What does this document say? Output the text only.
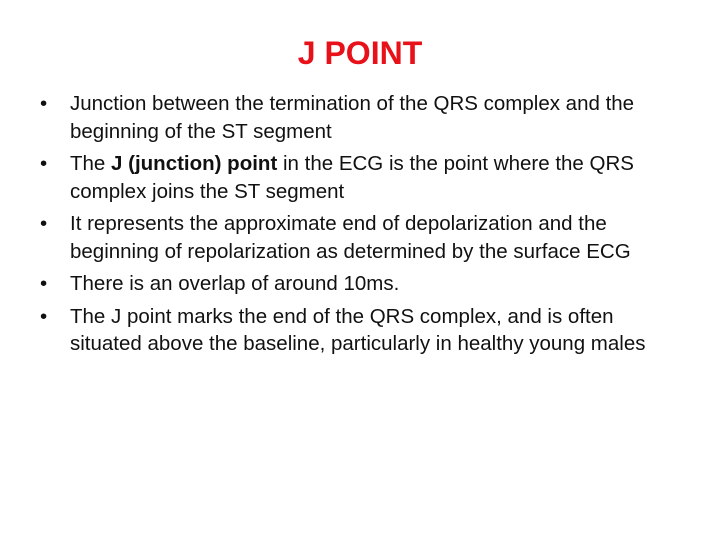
J POINT
•	Junction between the termination of the QRS complex and the beginning of the ST segment
•	The J (junction) point in the ECG is the point where the QRS complex joins the ST segment
•	It represents the approximate end of depolarization and the beginning of repolarization as determined by the surface ECG
•	There is an overlap of around 10ms.
•	The J point marks the end of the QRS complex, and is often situated above the baseline, particularly in healthy young males
